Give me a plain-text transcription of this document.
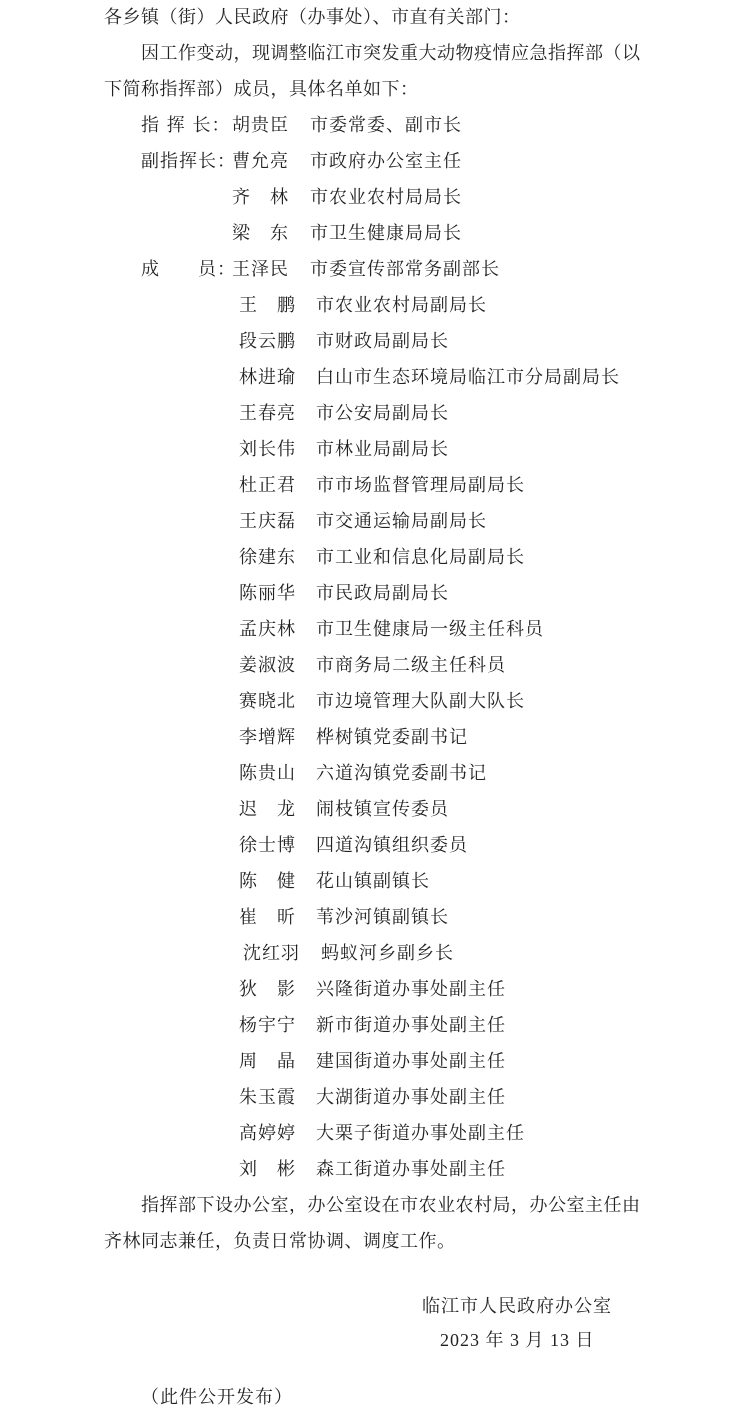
各乡镇（街）人民政府（办事处）、市直有关部门：
因工作变动，现调整临江市突发重大动物疫情应急指挥部（以
下简称指挥部）成员，具体名单如下：
指 挥 长： 胡贵臣 市委常委、副市长
副指挥长：
曹允亮 市政府办公室主任
齐　林 市农业农村局局长
梁　东 市卫生健康局局长
成　　员：
王泽民 市委宣传部常务副部长
王　鹏 市农业农村局副局长
段云鹏 市财政局副局长
林进瑜 白山市生态环境局临江市分局副局长
王春亮 市公安局副局长
刘长伟 市林业局副局长
杜正君 市市场监督管理局副局长
王庆磊 市交通运输局副局长
徐建东 市工业和信息化局副局长
陈丽华 市民政局副局长
孟庆林 市卫生健康局一级主任科员
姜淑波 市商务局二级主任科员
赛晓北 市边境管理大队副大队长
李增辉 桦树镇党委副书记
陈贵山 六道沟镇党委副书记
迟　龙 闹枝镇宣传委员
徐士博 四道沟镇组织委员
陈　健 花山镇副镇长
崔　昕 苇沙河镇副镇长
沈红羽 蚂蚁河乡副乡长
狄　影 兴隆街道办事处副主任
杨宇宁 新市街道办事处副主任
周　晶 建国街道办事处副主任
朱玉霞 大湖街道办事处副主任
高婷婷 大栗子街道办事处副主任
刘　彬 森工街道办事处副主任
指挥部下设办公室，办公室设在市农业农村局，办公室主任由
齐林同志兼任，负责日常协调、调度工作。
临江市人民政府办公室
2023 年 3 月 13 日
（此件公开发布）
